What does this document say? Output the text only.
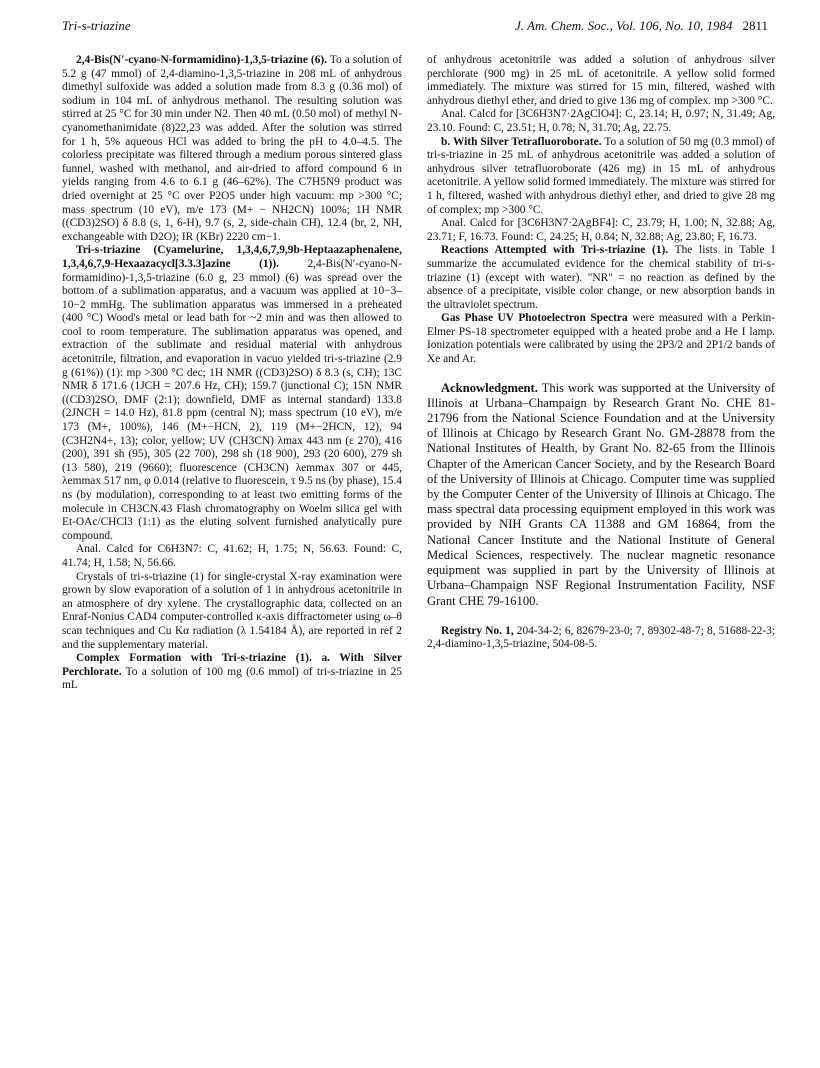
Tri-s-triazine	J. Am. Chem. Soc., Vol. 106, No. 10, 1984 2811

2,4-Bis(N′-cyano-N-formamidino)-1,3,5-triazine (6). To a solution of 5.2 g (47 mmol) of 2,4-diamino-1,3,5-triazine in 208 mL of anhydrous dimethyl sulfoxide was added a solution made from 8.3 g (0.36 mol) of sodium in 104 mL of anhydrous methanol. The resulting solution was stirred at 25 °C for 30 min under N2. Then 40 mL (0.50 mol) of methyl N-cyanomethanimidate (8)22,23 was added. After the solution was stirred for 1 h, 5% aqueous HCl was added to bring the pH to 4.0–4.5. The colorless precipitate was filtered through a medium porous sintered glass funnel, washed with methanol, and air-dried to afford compound 6 in yields ranging from 4.6 to 6.1 g (46–62%). The C7H5N9 product was dried overnight at 25 °C over P2O5 under high vacuum: mp >300 °C; mass spectrum (10 eV), m/e 173 (M+ − NH2CN) 100%; 1H NMR ((CD3)2SO) δ 8.8 (s, 1, 6-H), 9.7 (s, 2, side-chain CH), 12.4 (br, 2, NH, exchangeable with D2O); IR (KBr) 2220 cm−1.

Tri-s-triazine (Cyamelurine, 1,3,4,6,7,9,9b-Heptaazaphenalene, 1,3,4,6,7,9-Hexaazacycl[3.3.3]azine (1)). 2,4-Bis(N′-cyano-N-formamidino)-1,3,5-triazine (6.0 g, 23 mmol) (6) was spread over the bottom of a sublimation apparatus, and a vacuum was applied at 10−3–10−2 mmHg. The sublimation apparatus was immersed in a preheated (400 °C) Wood's metal or lead bath for ~2 min and was then allowed to cool to room temperature. The sublimation apparatus was opened, and extraction of the sublimate and residual material with anhydrous acetonitrile, filtration, and evaporation in vacuo yielded tri-s-triazine (2.9 g (61%)) (1): mp >300 °C dec; 1H NMR ((CD3)2SO) δ 8.3 (s, CH); 13C NMR δ 171.6 (1JCH = 207.6 Hz, CH); 159.7 (junctional C); 15N NMR ((CD3)2SO, DMF (2:1); downfield, DMF as internal standard) 133.8 (2JNCH = 14.0 Hz), 81.8 ppm (central N); mass spectrum (10 eV), m/e 173 (M+, 100%), 146 (M+−HCN, 2), 119 (M+−2HCN, 12), 94 (C3H2N4+, 13); color, yellow; UV (CH3CN) λmax 443 nm (ε 270), 416 (200), 391 sh (95), 305 (22 700), 298 sh (18 900), 293 (20 600), 279 sh (13 580), 219 (9660); fluorescence (CH3CN) λemmax 307 or 445, λemmax 517 nm, φ 0.014 (relative to fluorescein, τ 9.5 ns (by phase), 15.4 ns (by modulation), corresponding to at least two emitting forms of the molecule in CH3CN.43 Flash chromatography on Woelm silica gel with Et-OAc/CHCl3 (1:1) as the eluting solvent furnished analytically pure compound.

Anal. Calcd for C6H3N7: C, 41.62; H, 1.75; N, 56.63. Found: C, 41.74; H, 1.58; N, 56.66.

Crystals of tri-s-triazine (1) for single-crystal X-ray examination were grown by slow evaporation of a solution of 1 in anhydrous acetonitrile in an atmosphere of dry xylene. The crystallographic data, collected on an Enraf-Nonius CAD4 computer-controlled κ-axis diffractometer using ω–θ scan techniques and Cu Kα radiation (λ 1.54184 Å), are reported in ref 2 and the supplementary material.

Complex Formation with Tri-s-triazine (1). a. With Silver Perchlorate. To a solution of 100 mg (0.6 mmol) of tri-s-triazine in 25 mL

of anhydrous acetonitrile was added a solution of anhydrous silver perchlorate (900 mg) in 25 mL of acetonitrile. A yellow solid formed immediately. The mixture was stirred for 15 min, filtered, washed with anhydrous diethyl ether, and dried to give 136 mg of complex. mp >300 °C.

Anal. Calcd for [3C6H3N7·2AgClO4]: C, 23.14; H, 0.97; N, 31.49; Ag, 23.10. Found: C, 23.51; H, 0.78; N, 31.70; Ag, 22.75.

b. With Silver Tetrafluoroborate. To a solution of 50 mg (0.3 mmol) of tri-s-triazine in 25 mL of anhydrous acetonitrile was added a solution of anhydrous silver tetrafluoroborate (426 mg) in 15 mL of anhydrous acetonitrile. A yellow solid formed immediately. The mixture was stirred for 1 h, filtered, washed with anhydrous diethyl ether, and dried to give 28 mg of complex; mp >300 °C.

Anal. Calcd for [3C6H3N7·2AgBF4]: C, 23.79; H, 1.00; N, 32.88; Ag, 23.71; F, 16.73. Found: C, 24.25; H, 0.84; N, 32.88; Ag, 23.80; F, 16.73.

Reactions Attempted with Tri-s-triazine (1). The lists in Table I summarize the accumulated evidence for the chemical stability of tri-s-triazine (1) (except with water). "NR" = no reaction as defined by the absence of a precipitate, visible color change, or new absorption bands in the ultraviolet spectrum.

Gas Phase UV Photoelectron Spectra were measured with a Perkin-Elmer PS-18 spectrometer equipped with a heated probe and a He I lamp. Ionization potentials were calibrated by using the 2P3/2 and 2P1/2 bands of Xe and Ar.

Acknowledgment. This work was supported at the University of Illinois at Urbana–Champaign by Research Grant No. CHE 81-21796 from the National Science Foundation and at the University of Illinois at Chicago by Research Grant No. GM-28878 from the National Institutes of Health, by Grant No. 82-65 from the Illinois Chapter of the American Cancer Society, and by the Research Board of the University of Illinois at Chicago. Computer time was supplied by the Computer Center of the University of Illinois at Chicago. The mass spectral data processing equipment employed in this work was provided by NIH Grants CA 11388 and GM 16864, from the National Cancer Institute and the National Institute of General Medical Sciences, respectively. The nuclear magnetic resonance equipment was supplied in part by the University of Illinois at Urbana–Champaign NSF Regional Instrumentation Facility, NSF Grant CHE 79-16100.

Registry No. 1, 204-34-2; 6, 82679-23-0; 7, 89302-48-7; 8, 51688-22-3; 2,4-diamino-1,3,5-triazine, 504-08-5.
